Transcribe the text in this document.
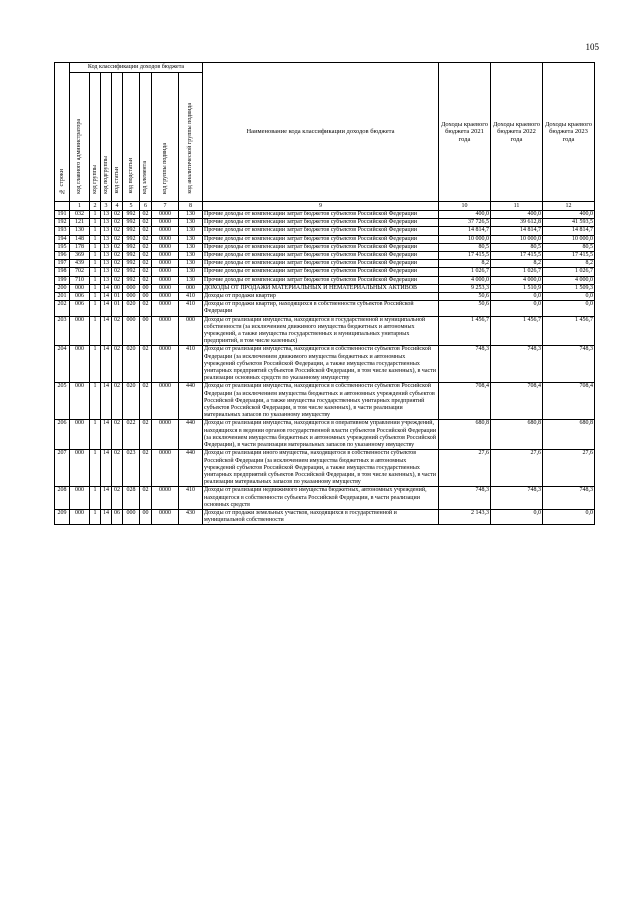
105
№ строки	Код классификации доходов бюджета								Наименование кода классификации доходов бюджета	Доходы краевого бюджета 2021 года	Доходы краевого бюджета 2022 года	Доходы краевого бюджета 2023 года
	код главного администратора	код группы	код подгруппы	код статьи	код подстатьи	код элемента	код группы подвида	код аналитической группы подвида				
	1	2	3	4	5	6	7	8	9	10	11	12
191	032	1	13	02	992	02	0000	130	Прочие доходы от компенсации затрат бюджетов субъектов Российской Федерации	400,0	400,0	400,0
192	121	1	13	02	992	02	0000	130	Прочие доходы от компенсации затрат бюджетов субъектов Российской Федерации	37 726,5	39 612,8	41 593,5
193	130	1	13	02	992	02	0000	130	Прочие доходы от компенсации затрат бюджетов субъектов Российской Федерации	14 814,7	14 814,7	14 814,7
194	148	1	13	02	992	02	0000	130	Прочие доходы от компенсации затрат бюджетов субъектов Российской Федерации	10 000,0	10 000,0	10 000,0
195	178	1	13	02	992	02	0000	130	Прочие доходы от компенсации затрат бюджетов субъектов Российской Федерации	80,5	80,5	80,5
196	369	1	13	02	992	02	0000	130	Прочие доходы от компенсации затрат бюджетов субъектов Российской Федерации	17 415,5	17 415,5	17 415,5
197	439	1	13	02	992	02	0000	130	Прочие доходы от компенсации затрат бюджетов субъектов Российской Федерации	8,2	8,2	8,2
198	702	1	13	02	992	02	0000	130	Прочие доходы от компенсации затрат бюджетов субъектов Российской Федерации	1 026,7	1 026,7	1 026,7
199	710	1	13	02	992	02	0000	130	Прочие доходы от компенсации затрат бюджетов субъектов Российской Федерации	4 000,0	4 000,0	4 000,0
200	000	1	14	00	000	00	0000	000	ДОХОДЫ ОТ ПРОДАЖИ МАТЕРИАЛЬНЫХ И НЕМАТЕРИАЛЬНЫХ АКТИВОВ	9 253,3	1 510,9	1 509,3
201	006	1	14	01	000	00	0000	410	Доходы от продажи квартир	50,6	0,0	0,0
202	006	1	14	01	020	02	0000	410	Доходы от продажи квартир, находящихся в собственности субъектов Российской Федерации	50,6	0,0	0,0
203	000	1	14	02	000	00	0000	000	Доходы от реализации имущества, находящегося в государственной и муниципальной собственности (за исключением движимого имущества бюджетных и автономных учреждений, а также имущества государственных и муниципальных унитарных предприятий, в том числе казенных)	1 456,7	1 456,7	1 456,7
204	000	1	14	02	020	02	0000	410	Доходы от реализации имущества, находящегося в собственности субъектов Российской Федерации (за исключением движимого имущества бюджетных и автономных учреждений субъектов Российской Федерации, а также имущества государственных унитарных предприятий субъектов Российской Федерации, в том числе казенных), в части реализации основных средств по указанному имуществу	748,3	748,3	748,3
205	000	1	14	02	020	02	0000	440	Доходы от реализации имущества, находящегося в собственности субъектов Российской Федерации (за исключением имущества бюджетных и автономных учреждений субъектов Российской Федерации, а также имущества государственных унитарных предприятий субъектов Российской Федерации, в том числе казенных), в части реализации материальных запасов по указанному имуществу	708,4	708,4	708,4
206	000	1	14	02	022	02	0000	440	Доходы от реализации имущества, находящегося в оперативном управлении учреждений, находящихся в ведении органов государственной власти субъектов Российской Федерации (за исключением имущества бюджетных и автономных учреждений субъектов Российской Федерации), в части реализации материальных запасов по указанному имуществу	680,8	680,8	680,8
207	000	1	14	02	023	02	0000	440	Доходы от реализации иного имущества, находящегося в собственности субъектов Российской Федерации (за исключением имущества бюджетных и автономных учреждений субъектов Российской Федерации, а также имущества государственных унитарных предприятий субъектов Российской Федерации, в том числе казенных), в части реализации материальных запасов по указанному имуществу	27,6	27,6	27,6
208	000	1	14	02	028	02	0000	410	Доходы от реализации недвижимого имущества бюджетных, автономных учреждений, находящегося в собственности субъекта Российской Федерации, в части реализации основных средств	748,3	748,3	748,3
209	000	1	14	06	000	00	0000	430	Доходы от продажи земельных участков, находящихся в государственной и муниципальной собственности	2 143,3	0,0	0,0
